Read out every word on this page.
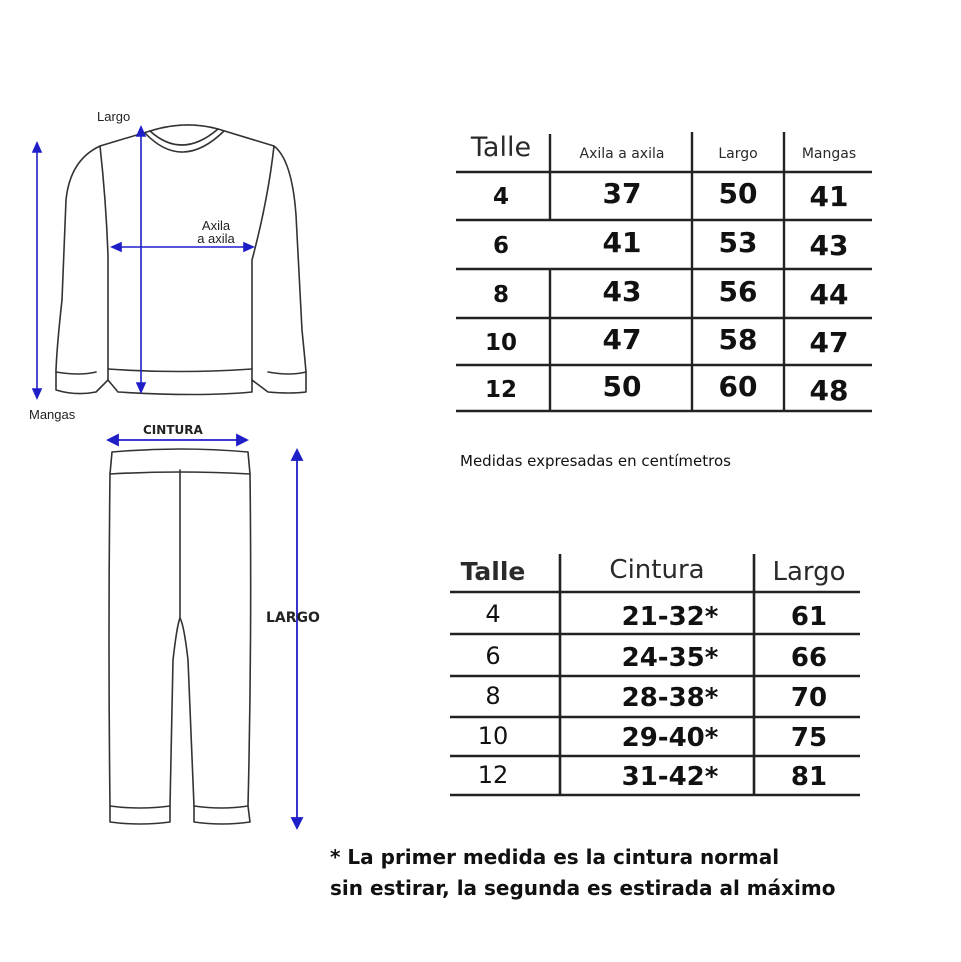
Largo
Axila
a axila
Mangas
CINTURA
LARGO
Talle	Axila a axila	Largo	Mangas
4	37	50	41
6	41	53	43
8	43	56	44
10	47	58	47
12	50	60	48
Medidas expresadas en centímetros
Talle	Cintura	Largo
4	21-32*	61
6	24-35*	66
8	28-38*	70
10	29-40*	75
12	31-42*	81
* La primer medida es la cintura normal
sin estirar, la segunda es estirada al máximo
